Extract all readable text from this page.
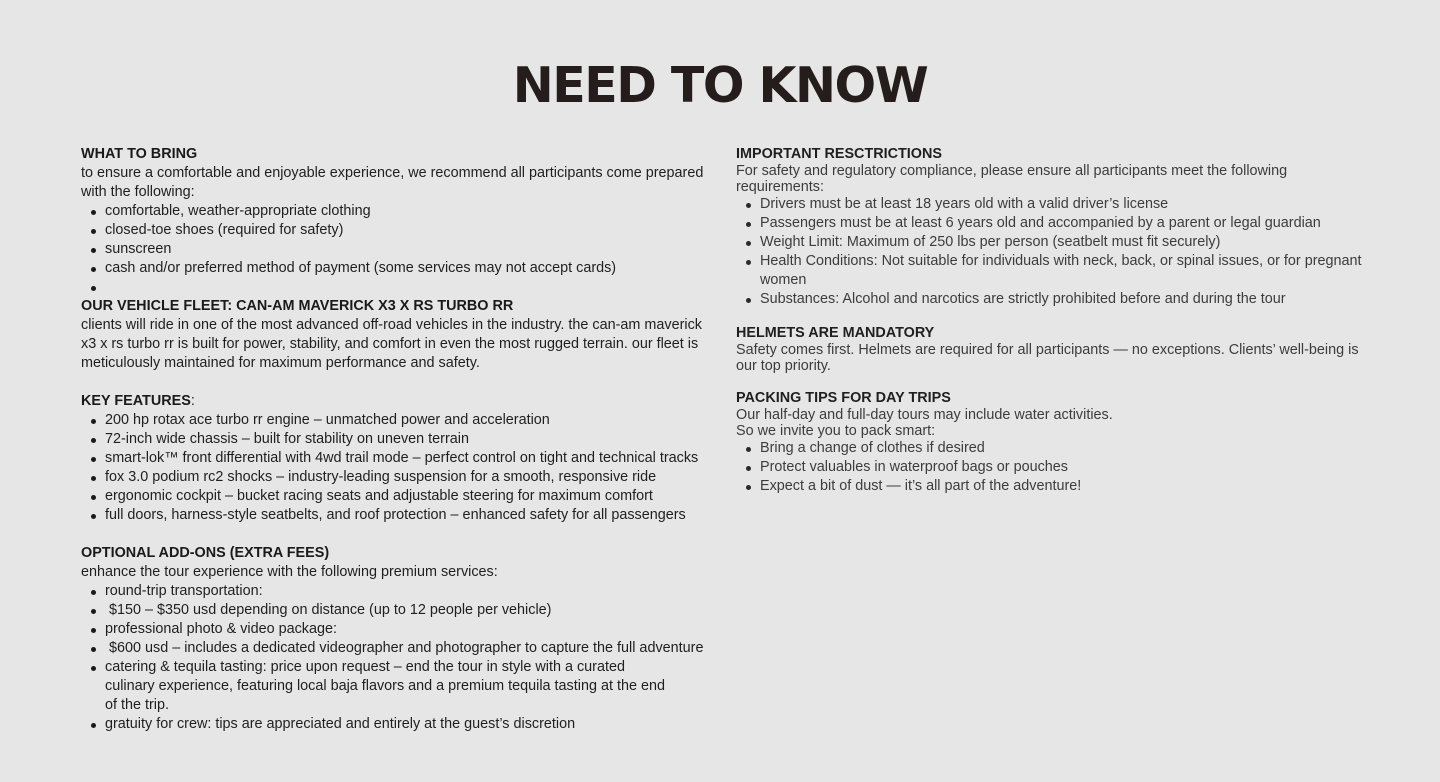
NEED TO KNOW

WHAT TO BRING

to ensure a comfortable and enjoyable experience, we recommend all participants come prepared with the following:

comfortable, weather-appropriate clothing
closed-toe shoes (required for safety)
sunscreen
cash and/or preferred method of payment (some services may not accept cards)

OUR VEHICLE FLEET: CAN-AM MAVERICK X3 X RS TURBO RR

clients will ride in one of the most advanced off-road vehicles in the industry. the can-am maverick x3 x rs turbo rr is built for power, stability, and comfort in even the most rugged terrain. our fleet is meticulously maintained for maximum performance and safety.

KEY FEATURES:

200 hp rotax ace turbo rr engine – unmatched power and acceleration
72-inch wide chassis – built for stability on uneven terrain
smart-lok™ front differential with 4wd trail mode – perfect control on tight and technical tracks
fox 3.0 podium rc2 shocks – industry-leading suspension for a smooth, responsive ride
ergonomic cockpit – bucket racing seats and adjustable steering for maximum comfort
full doors, harness-style seatbelts, and roof protection – enhanced safety for all passengers

OPTIONAL ADD-ONS (EXTRA FEES)

enhance the tour experience with the following premium services:

round-trip transportation:
$150 – $350 usd depending on distance (up to 12 people per vehicle)
professional photo & video package:
$600 usd – includes a dedicated videographer and photographer to capture the full adventure
catering & tequila tasting: price upon request – end the tour in style with a curated culinary experience, featuring local baja flavors and a premium tequila tasting at the end of the trip.
gratuity for crew: tips are appreciated and entirely at the guest’s discretion

IMPORTANT RESCTRICTIONS

For safety and regulatory compliance, please ensure all participants meet the following requirements:

Drivers must be at least 18 years old with a valid driver’s license
Passengers must be at least 6 years old and accompanied by a parent or legal guardian
Weight Limit: Maximum of 250 lbs per person (seatbelt must fit securely)
Health Conditions: Not suitable for individuals with neck, back, or spinal issues, or for pregnant women
Substances: Alcohol and narcotics are strictly prohibited before and during the tour

HELMETS ARE MANDATORY

Safety comes first. Helmets are required for all participants — no exceptions. Clients’ well-being is our top priority.

PACKING TIPS FOR DAY TRIPS

Our half-day and full-day tours may include water activities.

So we invite you to pack smart:

Bring a change of clothes if desired
Protect valuables in waterproof bags or pouches
Expect a bit of dust — it’s all part of the adventure!
